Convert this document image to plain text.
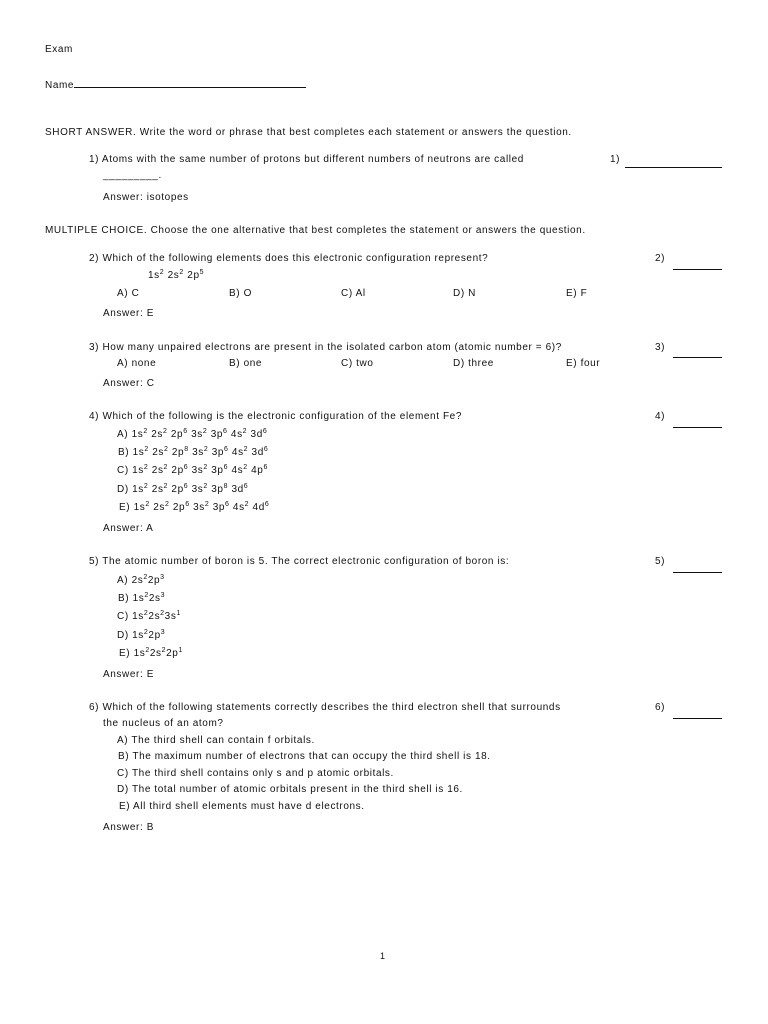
Exam
Name
SHORT ANSWER. Write the word or phrase that best completes each statement or answers the question.
1) Atoms with the same number of protons but different numbers of neutrons are called	1)
_________.
Answer: isotopes
MULTIPLE CHOICE. Choose the one alternative that best completes the statement or answers the question.
2) Which of the following elements does this electronic configuration represent?	2)
$1s^2$ $2s^2$ $2p^5$
A) C	B) O	C) Al	D) N	E) F
Answer: E
3) How many unpaired electrons are present in the isolated carbon atom (atomic number = 6)?	3)
A) none	B) one	C) two	D) three	E) four
Answer: C
4) Which of the following is the electronic configuration of the element Fe?	4)
A) $1s^2$ $2s^2$ $2p^6$ $3s^2$ $3p^6$ $4s^2$ $3d^6$
B) $1s^2$ $2s^2$ $2p^8$ $3s^2$ $3p^6$ $4s^2$ $3d^6$
C) $1s^2$ $2s^2$ $2p^6$ $3s^2$ $3p^6$ $4s^2$ $4p^6$
D) $1s^2$ $2s^2$ $2p^6$ $3s^2$ $3p^8$ $3d^6$
E) $1s^2$ $2s^2$ $2p^6$ $3s^2$ $3p^6$ $4s^2$ $4d^6$
Answer: A
5) The atomic number of boron is 5. The correct electronic configuration of boron is:	5)
A) $2s^22p^3$
B) $1s^22s^3$
C) $1s^22s^23s^1$
D) $1s^22p^3$
E) $1s^22s^22p^1$
Answer: E
6) Which of the following statements correctly describes the third electron shell that surrounds	6)
the nucleus of an atom?
A) The third shell can contain f orbitals.
B) The maximum number of electrons that can occupy the third shell is 18.
C) The third shell contains only s and p atomic orbitals.
D) The total number of atomic orbitals present in the third shell is 16.
E) All third shell elements must have d electrons.
Answer: B
1
